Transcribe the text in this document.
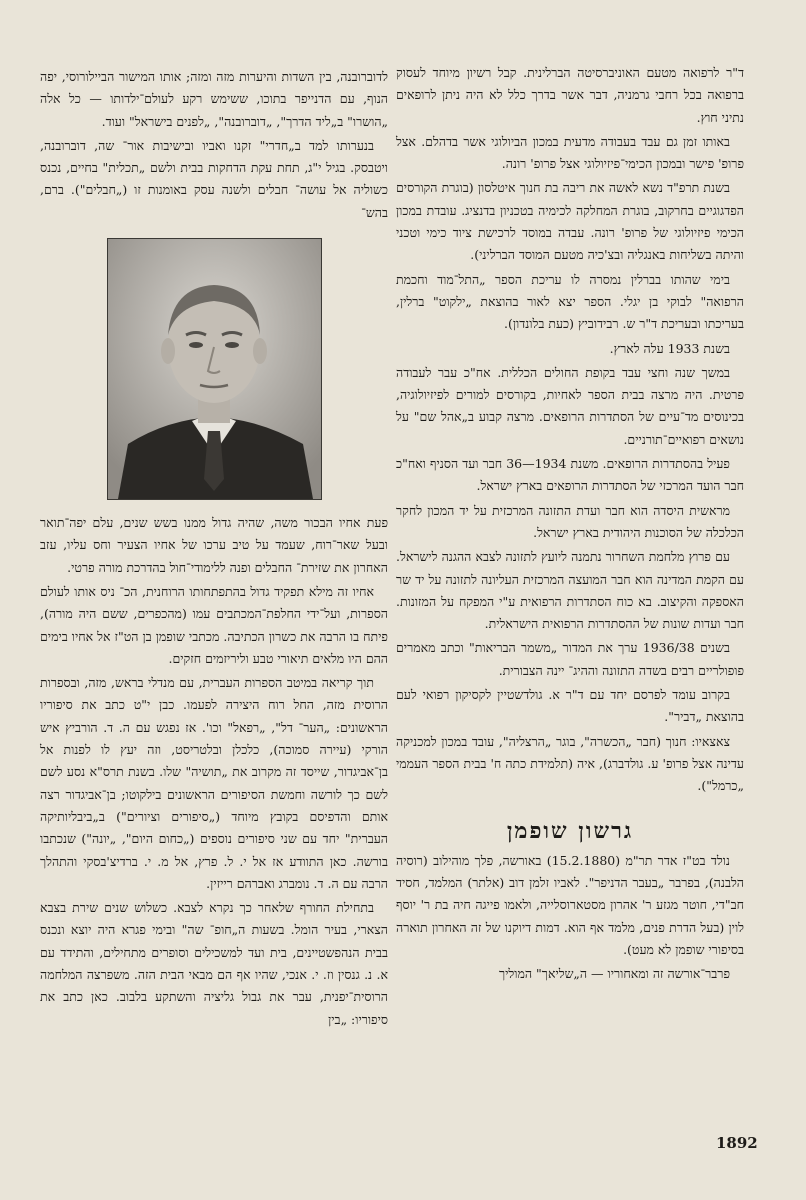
ד"ר לרפואה מטעם האוניברסיטה הברלינית. קבל רשיון מיוחד לעסוק ברפואה בכל רחבי גרמניה, דבר אשר בדרך כלל לא היה ניתן לרופאים נתיני חוץ.

באותו זמן גם עבד בעבודה מדעית במכון הביולוגי אשר בדהלם. אצל פרופ' פישר ובמכון הכימי־פיזיולוגי אצל פרופ' רונה.

בשנת תרפ"ד נשא לאשה את ריבה בת חנוך איטלסון (בוגרת הקורסים הפדגוגיים בחרקוב, בוגרת המחלקה לכימיה בטכניון בדנציג. עובדת במכון הכימי פיזיולוגי של פרופ' רונה. עבדה במוסד לרכישת ציוד כימי וטכני והיתה בשליחות באנגליה ובצ'כיה מטעם המוסד הברליני).

בימי שהותו בברלין נמסרה לו עריכת הספר „התל־מוד וחכמת הרפואה" לבוקי בן יגלי. הספר יצא לאור בהוצאת „ילקוט" ברלין, בעריכתו ובעריכת ד"ר ש. רבידוביץ (כעת בלונדון).

בשנת 1933 עלה לארץ.

במשך שנה וחצי עבד בקופת החולים הכללית. אח"כ עבר לעבודה פרטית. היה מרצה בבית הספר לאחיות, בקורסים למורים לפיזיולוגיה, בכינוסים מד־עיים של הסתדרות הרופאים. מרצה קבוע ב„אהל שם" על נושאים רפואיים־תורניים.

פעיל בהסתדרות הרופאים. משנת 1934—36 חבר ועד הסניף ואח"כ חבר הועד המרכזי של הסתדרות הרופאים בארץ ישראל.

מראשית היסדה הוא חבר ועדת התזונה המרכזית על יד המכון לחקר הכלכלה של הסוכנות היהודית בארץ ישראל.

עם פרוץ מלחמת השחרור נתמנה ליועץ לתזונה לצבא ההגנה לישראל. עם הקמת המדינה הוא חבר המועצה המרכזית העליונה לתזונה על יד שר האספקה והקיצוב. בא כוח הסתדרות הרפואית ע"י המפקח על המזונות. חבר ועדות שונות של ההסתדרות הרפואית הישראלית.

בשנים 1936/38 ערך את המדור „משמר הבריאות" וכתב מאמרים פופולריים רבים בשדה התזונה וההיג־ יינה הצבורית.

בקרוב עומד לפרסם יחד עם ד"ר א. גולדשטיין לקסיקון רפואי לעם בהוצאת „דביר".

צאצאיו: חנוך (חבר „הכשרה", בוגר „הרצליה", עובד במכון למכניקה עדינה אצל פרופ' ע. גולדברג), איה (תלמידת כתה ח' בבית הספר העממי „כרמל").

גרשון שופמן

נולד בט"ז אדר תר"מ (15.2.1880) באורשה, פלך מוהילוב (רוסיה הלבנה), בפרבר „בעבר הדניפר". לאביו זלמן דוב (אלתר) המלמד, חסיד חב"די, חוטר מגזע ר' אהרון מסטארוסלייה, ולאמו פייגה חיה בת ר' יוסף לוין (בעל הדרת פנים, מלמד אף הוא. דמות דיוקנו של זה האחרון תוארה בסיפורי שופמן לא מעט).

פרבר־אורשה זה ומאחוריו — ה„שליאך" המוליך

לדוברובנה, בין השדות והיערות מזה ומזה; אותו המישור הביילורוסי, יפה הנוף, עם הדנייפר בתוכו, ששימש רקע לעולם־ילדותו — כל אלה „הושרו" ב„ליד הדרך", „דוברובנה", „לפנים בישראל" ועוד.

בנערותו למד ב„חדרי" זקנו ואביו ובישיבות אור־ שה, דוברובנה, ויטבסק. בגיל י"ג, תחת עקת הדחקות בבית ולשם „תכלית" בחיים, נכנס כשוליה אל עושה־ חבלים ולשנה עסק באומנות זו („חבלים"). ברם, בהש־

פעת אחיו הבכור משה, שהיה גדול ממנו בשש שנים, עלם יפה־תואר ובעל שאר־רוח, שעמד על טיב ערכו של אחיו הצעיר וחס עליו, עזב האחרון את שזירת־ החבלים ופנה ללימודי־חול בהדרכת מורה פרטי.

אחיו זה מילא תפקיד גדול בהתפתחותו הרוחנית, הכ־ ניס אותו לעולם הספרות, ועל־ידי החלפת־המכתבים עמו (מהכפרים, ששם היה מורה), פיתח בו הרבה את כשרון הכתיבה. מכתבי שופמן בן הט"ז אל אחיו בימים ההם היו מלאים תיאורי טבע וליריזמים חזקים.

תוך קריאה במיטב הספרות העברית, עם מנדלי בראש, מזה, ובספרות הרוסית מזה, החל רוח היצירה לפעמו. כבן י"ט כתב את סיפוריו הראשונים: „הער־ דל", „רפאל" וכו'. אז נפגש עם ה. ד. הורביץ איש הורקי (עיירה סמוכה), כלכלן ובלטריסט, וזה יעץ לו לפנות אל בן־אביגדור, שייסד זה מקרוב את „תושיה" שלו. בשנת תרס"א נסע לשם לשם כך לורשה וחמשת הסיפורים הראשונים בילקוטו; בן־אביגדור רצה אותם והדפיסם בקובץ מיוחד („סיפורים וציורים") ב„ביבליותיקה העברית" יחד עם שני סיפורים נוספים („כחום היום", „יונה") שנכתבו בורשה. כאן התוודע אז אל י. ל. פרץ, אל מ. י. ברדיצ'בסקי והתהלך הרבה עם ה. ד. נומברג ואברהם רייזין.

בתחילת החורף שלאחר כך נקרא לצבא. כשלוש שנים שירת בצבא הצארי, בעיר הומל. בשעות ה„חופ־ שה" ובימי פגרא היה יוצא ונכנס בבית הנהפשטיינים, בית ועד למשכילים וסופרים מתחילים, והתידד עם א. נ. גנסין וז. י. אנכי, שהיו אף הם מבאי הבית הזה. משפרצה המלחמה הרוסית־יפנית, עבר את גבול גליציה והשתקע בלבוב. כאן כתב את סיפוריו: „בין

1892
